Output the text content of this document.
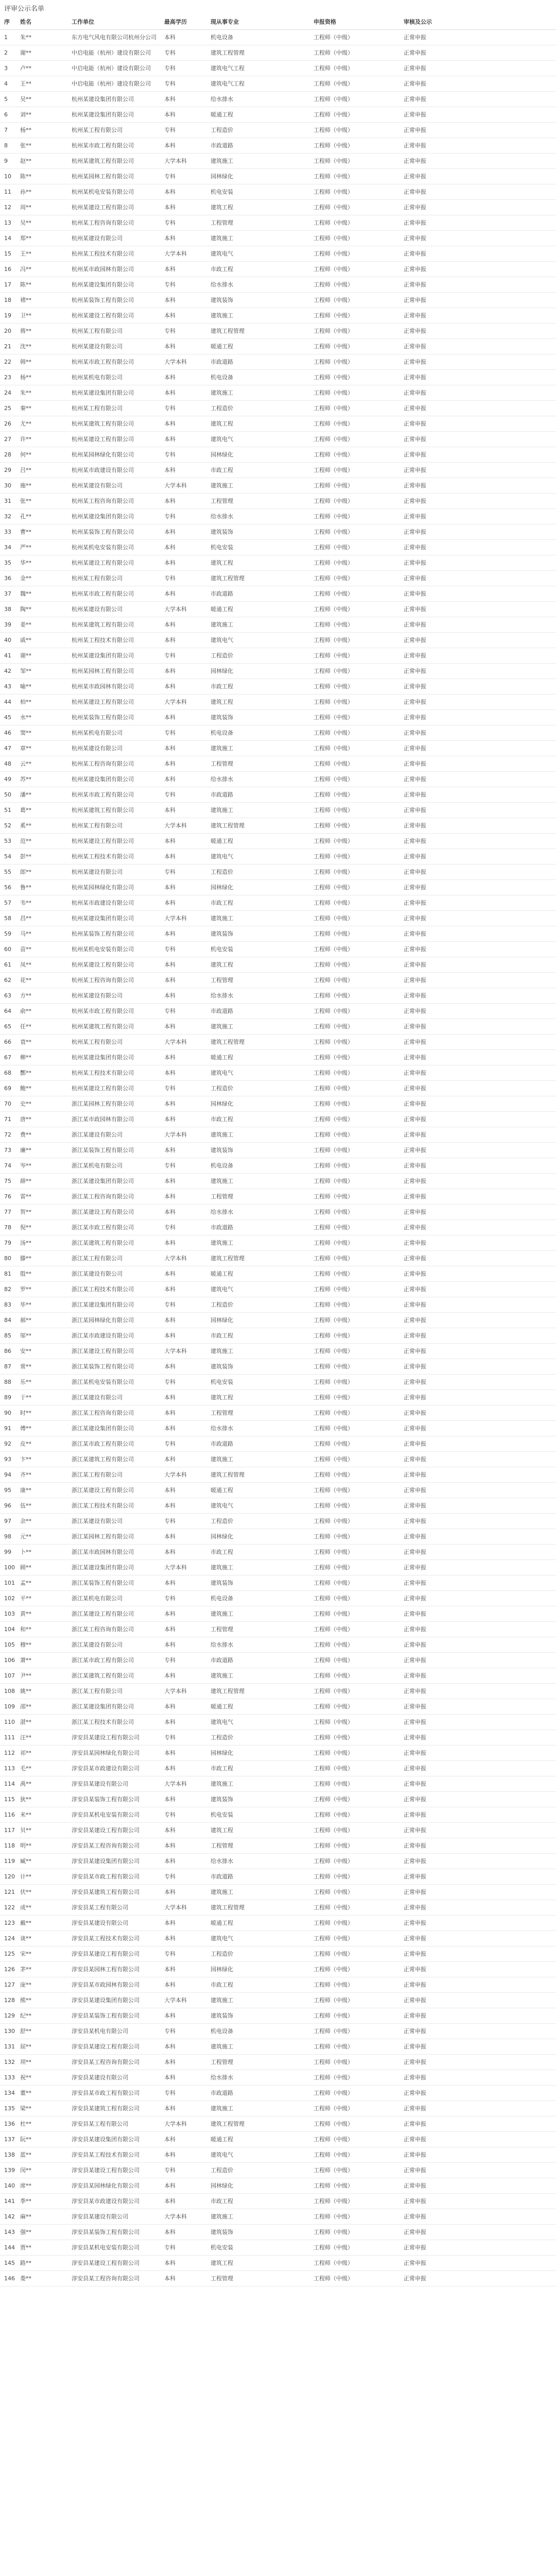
评审公示名单
序	姓名	工作单位	最高学历	现从事专业	申报资格	审核及公示
1	朱**	东方电气风电有限公司杭州分公司	本科	机电设备	工程师（中级）	正常申报
2	谢**	中启电能（杭州）建设有限公司	专科	建筑工程管理	工程师（中级）	正常申报
3	卢**	中启电能（杭州）建设有限公司	专科	建筑电气工程	工程师（中级）	正常申报
4	王**	中启电能（杭州）建设有限公司	专科	建筑电气工程	工程师（中级）	正常申报
5	吴**	杭州某建设集团有限公司	本科	给水排水	工程师（中级）	正常申报
6	刘**	杭州某建设集团有限公司	本科	暖通工程	工程师（中级）	正常申报
7	杨**	杭州某工程有限公司	专科	工程造价	工程师（中级）	正常申报
8	张**	杭州某市政工程有限公司	本科	市政道路	工程师（中级）	正常申报
9	赵**	杭州某建筑工程有限公司	大学本科	建筑施工	工程师（中级）	正常申报
10	陈**	杭州某园林工程有限公司	专科	园林绿化	工程师（中级）	正常申报
11	孙**	杭州某机电安装有限公司	本科	机电安装	工程师（中级）	正常申报
12	周**	杭州某建设工程有限公司	本科	建筑工程	工程师（中级）	正常申报
13	吴**	杭州某工程咨询有限公司	专科	工程管理	工程师（中级）	正常申报
14	郑**	杭州某建设有限公司	本科	建筑施工	工程师（中级）	正常申报
15	王**	杭州某工程技术有限公司	大学本科	建筑电气	工程师（中级）	正常申报
16	冯**	杭州某市政园林有限公司	本科	市政工程	工程师（中级）	正常申报
17	陈**	杭州某建设集团有限公司	专科	给水排水	工程师（中级）	正常申报
18	褚**	杭州某装饰工程有限公司	本科	建筑装饰	工程师（中级）	正常申报
19	卫**	杭州某建设工程有限公司	本科	建筑施工	工程师（中级）	正常申报
20	蒋**	杭州某工程有限公司	专科	建筑工程管理	工程师（中级）	正常申报
21	沈**	杭州某建设有限公司	本科	暖通工程	工程师（中级）	正常申报
22	韩**	杭州某市政工程有限公司	大学本科	市政道路	工程师（中级）	正常申报
23	杨**	杭州某机电有限公司	本科	机电设备	工程师（中级）	正常申报
24	朱**	杭州某建设集团有限公司	本科	建筑施工	工程师（中级）	正常申报
25	秦**	杭州某工程有限公司	专科	工程造价	工程师（中级）	正常申报
26	尤**	杭州某建筑工程有限公司	本科	建筑工程	工程师（中级）	正常申报
27	许**	杭州某建设工程有限公司	本科	建筑电气	工程师（中级）	正常申报
28	何**	杭州某园林绿化有限公司	专科	园林绿化	工程师（中级）	正常申报
29	吕**	杭州某市政建设有限公司	本科	市政工程	工程师（中级）	正常申报
30	施**	杭州某建设有限公司	大学本科	建筑施工	工程师（中级）	正常申报
31	张**	杭州某工程咨询有限公司	本科	工程管理	工程师（中级）	正常申报
32	孔**	杭州某建设集团有限公司	专科	给水排水	工程师（中级）	正常申报
33	曹**	杭州某装饰工程有限公司	本科	建筑装饰	工程师（中级）	正常申报
34	严**	杭州某机电安装有限公司	本科	机电安装	工程师（中级）	正常申报
35	华**	杭州某建设工程有限公司	本科	建筑工程	工程师（中级）	正常申报
36	金**	杭州某工程有限公司	专科	建筑工程管理	工程师（中级）	正常申报
37	魏**	杭州某市政工程有限公司	本科	市政道路	工程师（中级）	正常申报
38	陶**	杭州某建设有限公司	大学本科	暖通工程	工程师（中级）	正常申报
39	姜**	杭州某建筑工程有限公司	本科	建筑施工	工程师（中级）	正常申报
40	戚**	杭州某工程技术有限公司	本科	建筑电气	工程师（中级）	正常申报
41	谢**	杭州某建设集团有限公司	专科	工程造价	工程师（中级）	正常申报
42	邹**	杭州某园林工程有限公司	本科	园林绿化	工程师（中级）	正常申报
43	喻**	杭州某市政园林有限公司	本科	市政工程	工程师（中级）	正常申报
44	柏**	杭州某建设工程有限公司	大学本科	建筑工程	工程师（中级）	正常申报
45	水**	杭州某装饰工程有限公司	本科	建筑装饰	工程师（中级）	正常申报
46	窦**	杭州某机电有限公司	专科	机电设备	工程师（中级）	正常申报
47	章**	杭州某建设有限公司	本科	建筑施工	工程师（中级）	正常申报
48	云**	杭州某工程咨询有限公司	本科	工程管理	工程师（中级）	正常申报
49	苏**	杭州某建设集团有限公司	本科	给水排水	工程师（中级）	正常申报
50	潘**	杭州某市政工程有限公司	专科	市政道路	工程师（中级）	正常申报
51	葛**	杭州某建筑工程有限公司	本科	建筑施工	工程师（中级）	正常申报
52	奚**	杭州某工程有限公司	大学本科	建筑工程管理	工程师（中级）	正常申报
53	范**	杭州某建设工程有限公司	本科	暖通工程	工程师（中级）	正常申报
54	彭**	杭州某工程技术有限公司	本科	建筑电气	工程师（中级）	正常申报
55	郎**	杭州某建设有限公司	专科	工程造价	工程师（中级）	正常申报
56	鲁**	杭州某园林绿化有限公司	本科	园林绿化	工程师（中级）	正常申报
57	韦**	杭州某市政建设有限公司	本科	市政工程	工程师（中级）	正常申报
58	昌**	杭州某建设集团有限公司	大学本科	建筑施工	工程师（中级）	正常申报
59	马**	杭州某装饰工程有限公司	本科	建筑装饰	工程师（中级）	正常申报
60	苗**	杭州某机电安装有限公司	专科	机电安装	工程师（中级）	正常申报
61	凤**	杭州某建设工程有限公司	本科	建筑工程	工程师（中级）	正常申报
62	花**	杭州某工程咨询有限公司	本科	工程管理	工程师（中级）	正常申报
63	方**	杭州某建设有限公司	本科	给水排水	工程师（中级）	正常申报
64	俞**	杭州某市政工程有限公司	专科	市政道路	工程师（中级）	正常申报
65	任**	杭州某建筑工程有限公司	本科	建筑施工	工程师（中级）	正常申报
66	袁**	杭州某工程有限公司	大学本科	建筑工程管理	工程师（中级）	正常申报
67	柳**	杭州某建设集团有限公司	本科	暖通工程	工程师（中级）	正常申报
68	酆**	杭州某工程技术有限公司	本科	建筑电气	工程师（中级）	正常申报
69	鲍**	杭州某建设工程有限公司	专科	工程造价	工程师（中级）	正常申报
70	史**	浙江某园林工程有限公司	本科	园林绿化	工程师（中级）	正常申报
71	唐**	浙江某市政园林有限公司	本科	市政工程	工程师（中级）	正常申报
72	费**	浙江某建设有限公司	大学本科	建筑施工	工程师（中级）	正常申报
73	廉**	浙江某装饰工程有限公司	本科	建筑装饰	工程师（中级）	正常申报
74	岑**	浙江某机电有限公司	专科	机电设备	工程师（中级）	正常申报
75	薛**	浙江某建设集团有限公司	本科	建筑施工	工程师（中级）	正常申报
76	雷**	浙江某工程咨询有限公司	本科	工程管理	工程师（中级）	正常申报
77	贺**	浙江某建设工程有限公司	本科	给水排水	工程师（中级）	正常申报
78	倪**	浙江某市政工程有限公司	专科	市政道路	工程师（中级）	正常申报
79	汤**	浙江某建筑工程有限公司	本科	建筑施工	工程师（中级）	正常申报
80	滕**	浙江某工程有限公司	大学本科	建筑工程管理	工程师（中级）	正常申报
81	殷**	浙江某建设有限公司	本科	暖通工程	工程师（中级）	正常申报
82	罗**	浙江某工程技术有限公司	本科	建筑电气	工程师（中级）	正常申报
83	毕**	浙江某建设集团有限公司	专科	工程造价	工程师（中级）	正常申报
84	郝**	浙江某园林绿化有限公司	本科	园林绿化	工程师（中级）	正常申报
85	邬**	浙江某市政建设有限公司	本科	市政工程	工程师（中级）	正常申报
86	安**	浙江某建设工程有限公司	大学本科	建筑施工	工程师（中级）	正常申报
87	常**	浙江某装饰工程有限公司	本科	建筑装饰	工程师（中级）	正常申报
88	乐**	浙江某机电安装有限公司	专科	机电安装	工程师（中级）	正常申报
89	于**	浙江某建设有限公司	本科	建筑工程	工程师（中级）	正常申报
90	时**	浙江某工程咨询有限公司	本科	工程管理	工程师（中级）	正常申报
91	傅**	浙江某建设集团有限公司	本科	给水排水	工程师（中级）	正常申报
92	皮**	浙江某市政工程有限公司	专科	市政道路	工程师（中级）	正常申报
93	卞**	浙江某建筑工程有限公司	本科	建筑施工	工程师（中级）	正常申报
94	齐**	浙江某工程有限公司	大学本科	建筑工程管理	工程师（中级）	正常申报
95	康**	浙江某建设工程有限公司	本科	暖通工程	工程师（中级）	正常申报
96	伍**	浙江某工程技术有限公司	本科	建筑电气	工程师（中级）	正常申报
97	余**	浙江某建设有限公司	专科	工程造价	工程师（中级）	正常申报
98	元**	浙江某园林工程有限公司	本科	园林绿化	工程师（中级）	正常申报
99	卜**	浙江某市政园林有限公司	本科	市政工程	工程师（中级）	正常申报
100 顾**	浙江某建设集团有限公司	大学本科	建筑施工	工程师（中级）	正常申报
101 孟**	浙江某装饰工程有限公司	本科	建筑装饰	工程师（中级）	正常申报
102 平**	浙江某机电有限公司	专科	机电设备	工程师（中级）	正常申报
103 黄**	浙江某建设工程有限公司	本科	建筑施工	工程师（中级）	正常申报
104 和**	浙江某工程咨询有限公司	本科	工程管理	工程师（中级）	正常申报
105 穆**	浙江某建设有限公司	本科	给水排水	工程师（中级）	正常申报
106 萧**	浙江某市政工程有限公司	专科	市政道路	工程师（中级）	正常申报
107 尹**	浙江某建筑工程有限公司	本科	建筑施工	工程师（中级）	正常申报
108 姚**	浙江某工程有限公司	大学本科	建筑工程管理	工程师（中级）	正常申报
109 邵**	浙江某建设集团有限公司	本科	暖通工程	工程师（中级）	正常申报
110 湛**	浙江某工程技术有限公司	本科	建筑电气	工程师（中级）	正常申报
111 汪**	淳安县某建设工程有限公司	专科	工程造价	工程师（中级）	正常申报
112 祁**	淳安县某园林绿化有限公司	本科	园林绿化	工程师（中级）	正常申报
113 毛**	淳安县某市政建设有限公司	本科	市政工程	工程师（中级）	正常申报
114 禹**	淳安县某建设有限公司	大学本科	建筑施工	工程师（中级）	正常申报
115 狄**	淳安县某装饰工程有限公司	本科	建筑装饰	工程师（中级）	正常申报
116 米**	淳安县某机电安装有限公司	专科	机电安装	工程师（中级）	正常申报
117 贝**	淳安县某建设工程有限公司	本科	建筑工程	工程师（中级）	正常申报
118 明**	淳安县某工程咨询有限公司	本科	工程管理	工程师（中级）	正常申报
119 臧**	淳安县某建设集团有限公司	本科	给水排水	工程师（中级）	正常申报
120 计**	淳安县某市政工程有限公司	专科	市政道路	工程师（中级）	正常申报
121 伏**	淳安县某建筑工程有限公司	本科	建筑施工	工程师（中级）	正常申报
122 成**	淳安县某工程有限公司	大学本科	建筑工程管理	工程师（中级）	正常申报
123 戴**	淳安县某建设有限公司	本科	暖通工程	工程师（中级）	正常申报
124 谈**	淳安县某工程技术有限公司	本科	建筑电气	工程师（中级）	正常申报
125 宋**	淳安县某建设工程有限公司	专科	工程造价	工程师（中级）	正常申报
126 茅**	淳安县某园林工程有限公司	本科	园林绿化	工程师（中级）	正常申报
127 庞**	淳安县某市政园林有限公司	本科	市政工程	工程师（中级）	正常申报
128 熊**	淳安县某建设集团有限公司	大学本科	建筑施工	工程师（中级）	正常申报
129 纪**	淳安县某装饰工程有限公司	本科	建筑装饰	工程师（中级）	正常申报
130 舒**	淳安县某机电有限公司	专科	机电设备	工程师（中级）	正常申报
131 屈**	淳安县某建设工程有限公司	本科	建筑施工	工程师（中级）	正常申报
132 项**	淳安县某工程咨询有限公司	本科	工程管理	工程师（中级）	正常申报
133 祝**	淳安县某建设有限公司	本科	给水排水	工程师（中级）	正常申报
134 董**	淳安县某市政工程有限公司	专科	市政道路	工程师（中级）	正常申报
135 梁**	淳安县某建筑工程有限公司	本科	建筑施工	工程师（中级）	正常申报
136 杜**	淳安县某工程有限公司	大学本科	建筑工程管理	工程师（中级）	正常申报
137 阮**	淳安县某建设集团有限公司	本科	暖通工程	工程师（中级）	正常申报
138 蓝**	淳安县某工程技术有限公司	本科	建筑电气	工程师（中级）	正常申报
139 闵**	淳安县某建设工程有限公司	专科	工程造价	工程师（中级）	正常申报
140 席**	淳安县某园林绿化有限公司	本科	园林绿化	工程师（中级）	正常申报
141 季**	淳安县某市政建设有限公司	本科	市政工程	工程师（中级）	正常申报
142 麻**	淳安县某建设有限公司	大学本科	建筑施工	工程师（中级）	正常申报
143 强**	淳安县某装饰工程有限公司	本科	建筑装饰	工程师（中级）	正常申报
144 贾**	淳安县某机电安装有限公司	专科	机电安装	工程师（中级）	正常申报
145 路**	淳安县某建设工程有限公司	本科	建筑工程	工程师（中级）	正常申报
146 娄**	淳安县某工程咨询有限公司	本科	工程管理	工程师（中级）	正常申报
